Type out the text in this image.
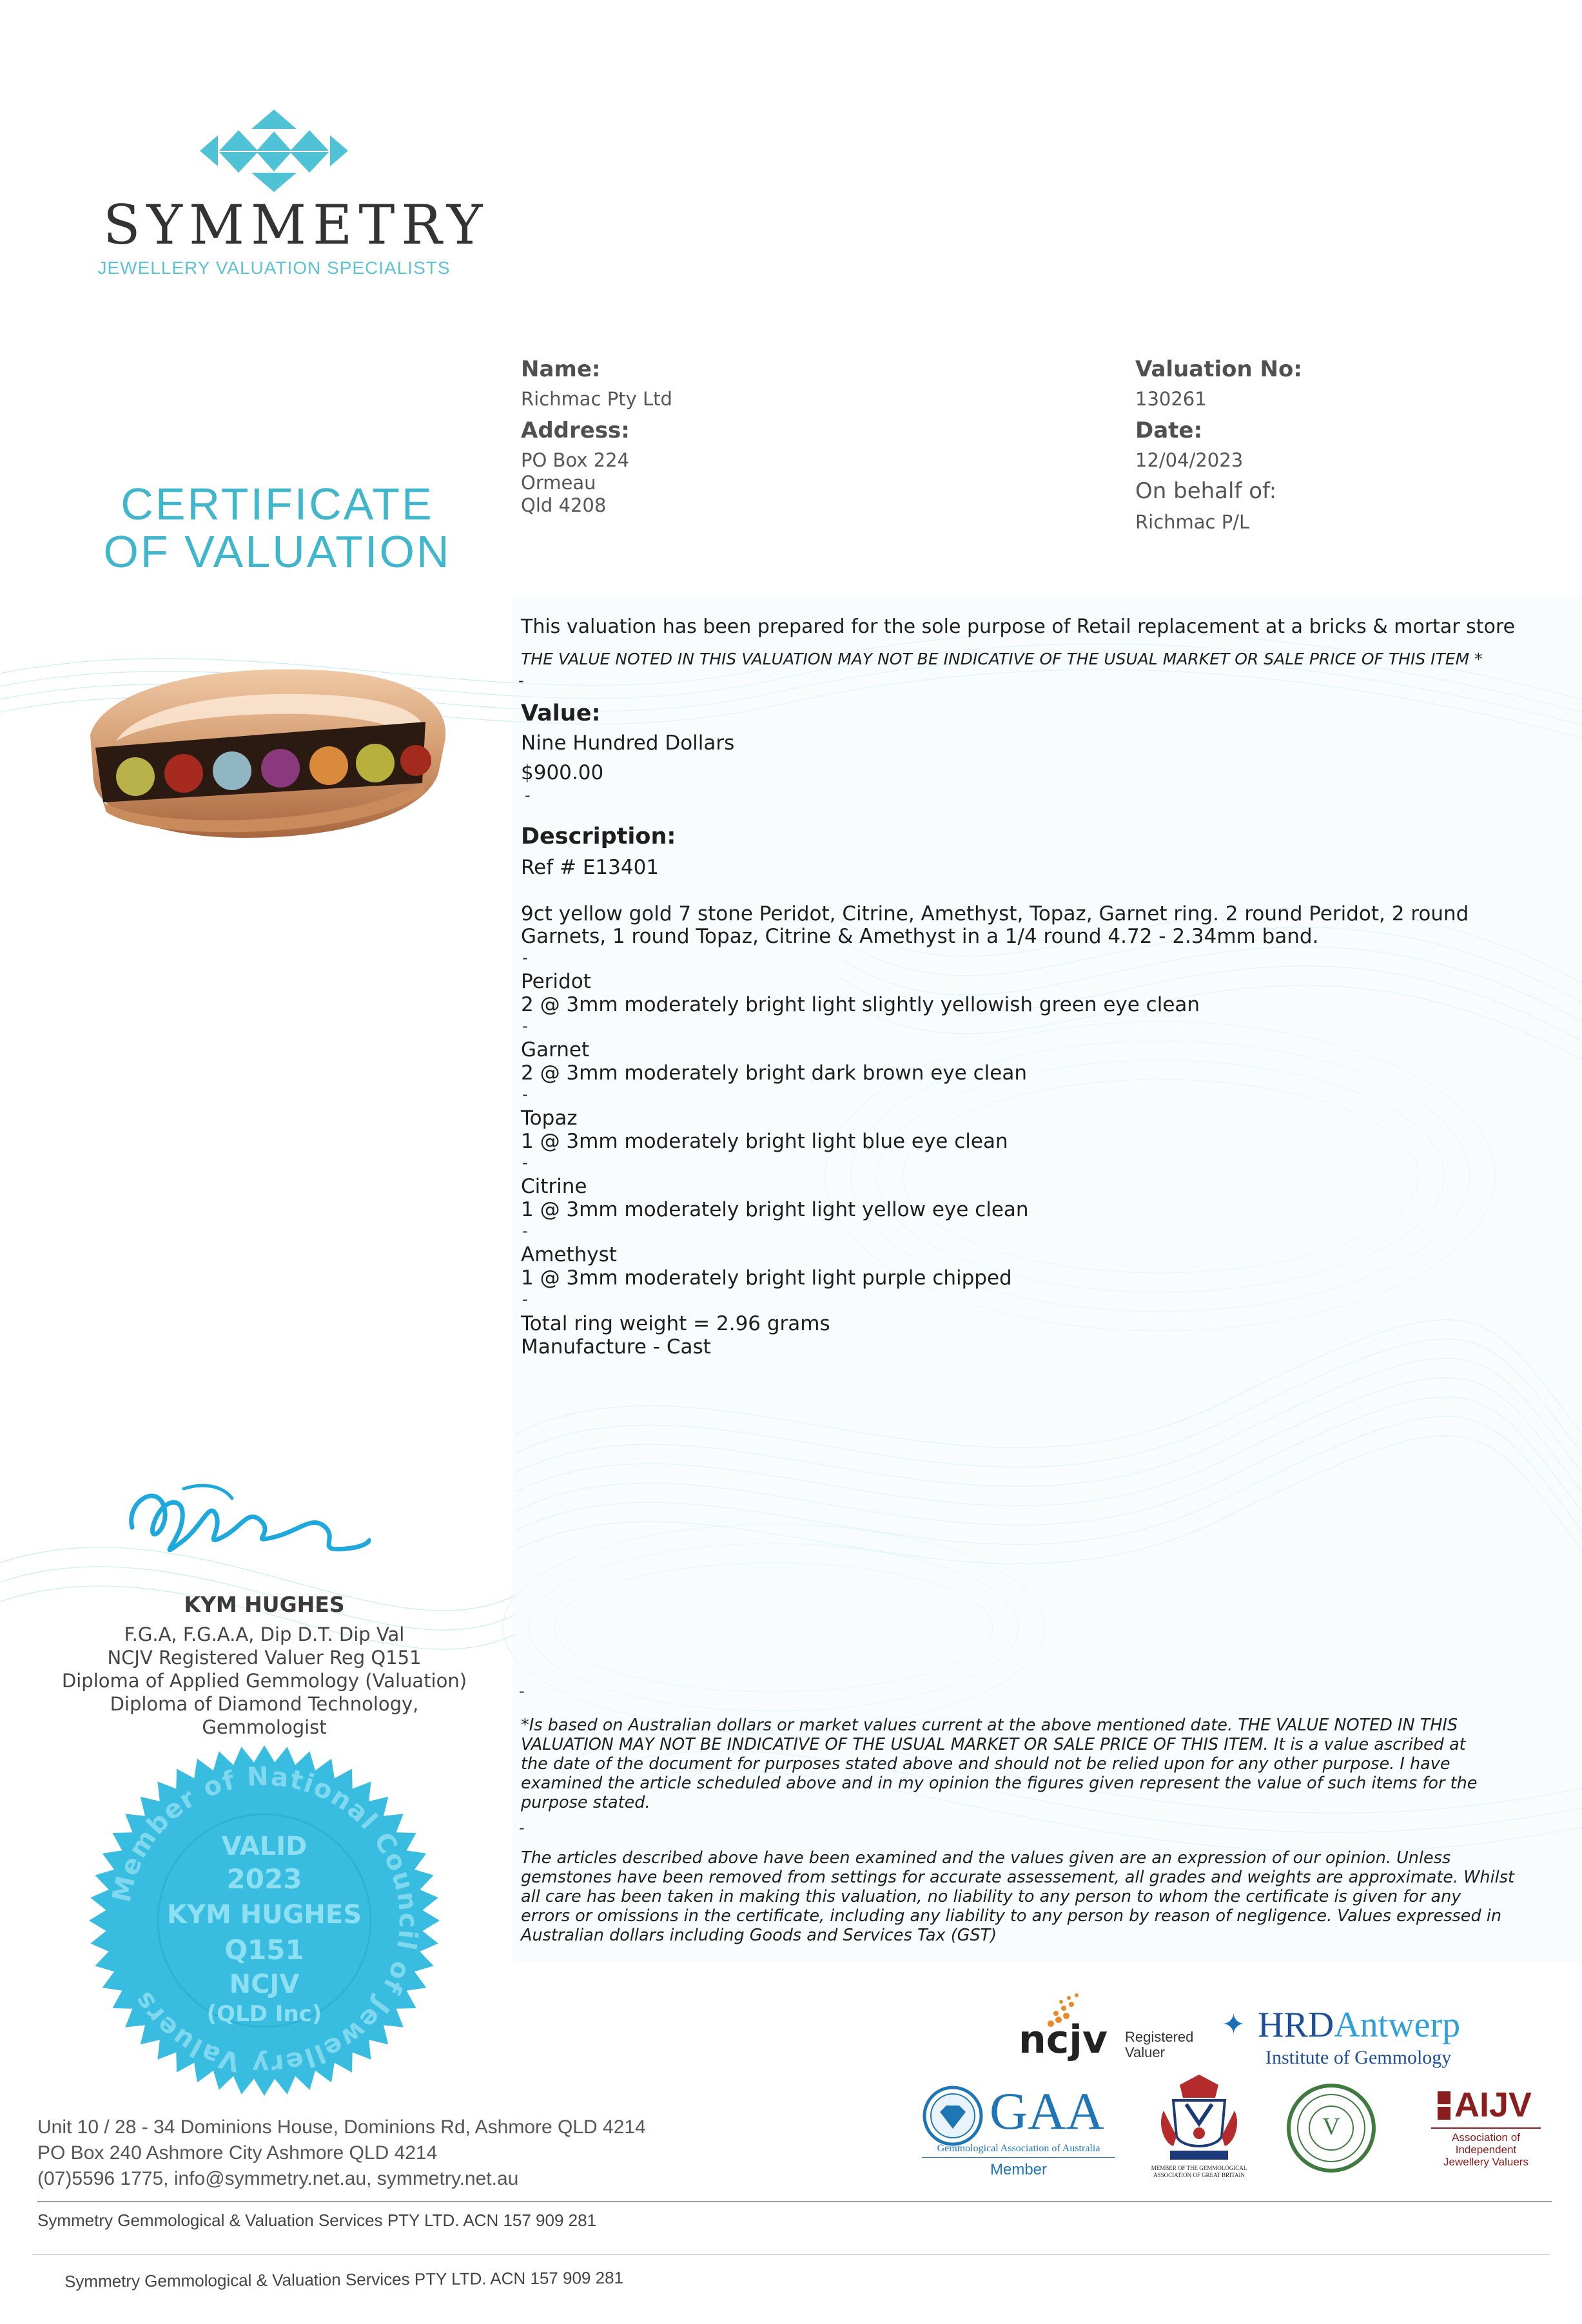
SYMMETRY
JEWELLERY VALUATION SPECIALISTS
CERTIFICATE
OF VALUATION
Name:
Richmac Pty Ltd
Address:
PO Box 224
Ormeau
Qld 4208
Valuation No:
130261
Date:
12/04/2023
On behalf of:
Richmac P/L
This valuation has been prepared for the sole purpose of Retail replacement at a bricks & mortar store
THE VALUE NOTED IN THIS VALUATION MAY NOT BE INDICATIVE OF THE USUAL MARKET OR SALE PRICE OF THIS ITEM *
-
Value:
Nine Hundred Dollars
$900.00
-
Description:
Ref # E13401
9ct yellow gold 7 stone Peridot, Citrine, Amethyst, Topaz, Garnet ring. 2 round Peridot, 2 round
Garnets, 1 round Topaz, Citrine & Amethyst in a 1/4 round 4.72 - 2.34mm band.
-
Peridot
2 @ 3mm moderately bright light slightly yellowish green eye clean
-
Garnet
2 @ 3mm moderately bright dark brown eye clean
-
Topaz
1 @ 3mm moderately bright light blue eye clean
-
Citrine
1 @ 3mm moderately bright light yellow eye clean
-
Amethyst
1 @ 3mm moderately bright light purple chipped
-
Total ring weight = 2.96 grams
Manufacture - Cast
KYM HUGHES
F.G.A, F.G.A.A, Dip D.T. Dip Val
NCJV Registered Valuer Reg Q151
Diploma of Applied Gemmology (Valuation)
Diploma of Diamond Technology,
Gemmologist
Member of National Council of Jewellery Valuers
VALID
2023
KYM HUGHES
Q151
NCJV
(QLD Inc)
-
*Is based on Australian dollars or market values current at the above mentioned date. THE VALUE NOTED IN THIS
VALUATION MAY NOT BE INDICATIVE OF THE USUAL MARKET OR SALE PRICE OF THIS ITEM. It is a value ascribed at
the date of the document for purposes stated above and should not be relied upon for any other purpose. I have
examined the article scheduled above and in my opinion the figures given represent the value of such items for the
purpose stated.
-
The articles described above have been examined and the values given are an expression of our opinion. Unless
gemstones have been removed from settings for accurate assessement, all grades and weights are approximate. Whilst
all care has been taken in making this valuation, no liability to any person to whom the certificate is given for any
errors or omissions in the certificate, including any liability to any person by reason of negligence. Values expressed in
Australian dollars including Goods and Services Tax (GST)
ncjv Registered
Valuer
✦ HRDAntwerp
Institute of Gemmology
GAA
Gemmological Association of Australia
Member	MEMBER OF THE GEMMOLOGICAL ASSOCIATION OF GREAT BRITAIN
V
AIJV
Association of
Independent
Jewellery Valuers
Unit 10 / 28 - 34 Dominions House, Dominions Rd, Ashmore QLD 4214
PO Box 240 Ashmore City Ashmore QLD 4214
(07)5596 1775, info@symmetry.net.au, symmetry.net.au
Symmetry Gemmological & Valuation Services PTY LTD. ACN 157 909 281
Symmetry Gemmological & Valuation Services PTY LTD. ACN 157 909 281
